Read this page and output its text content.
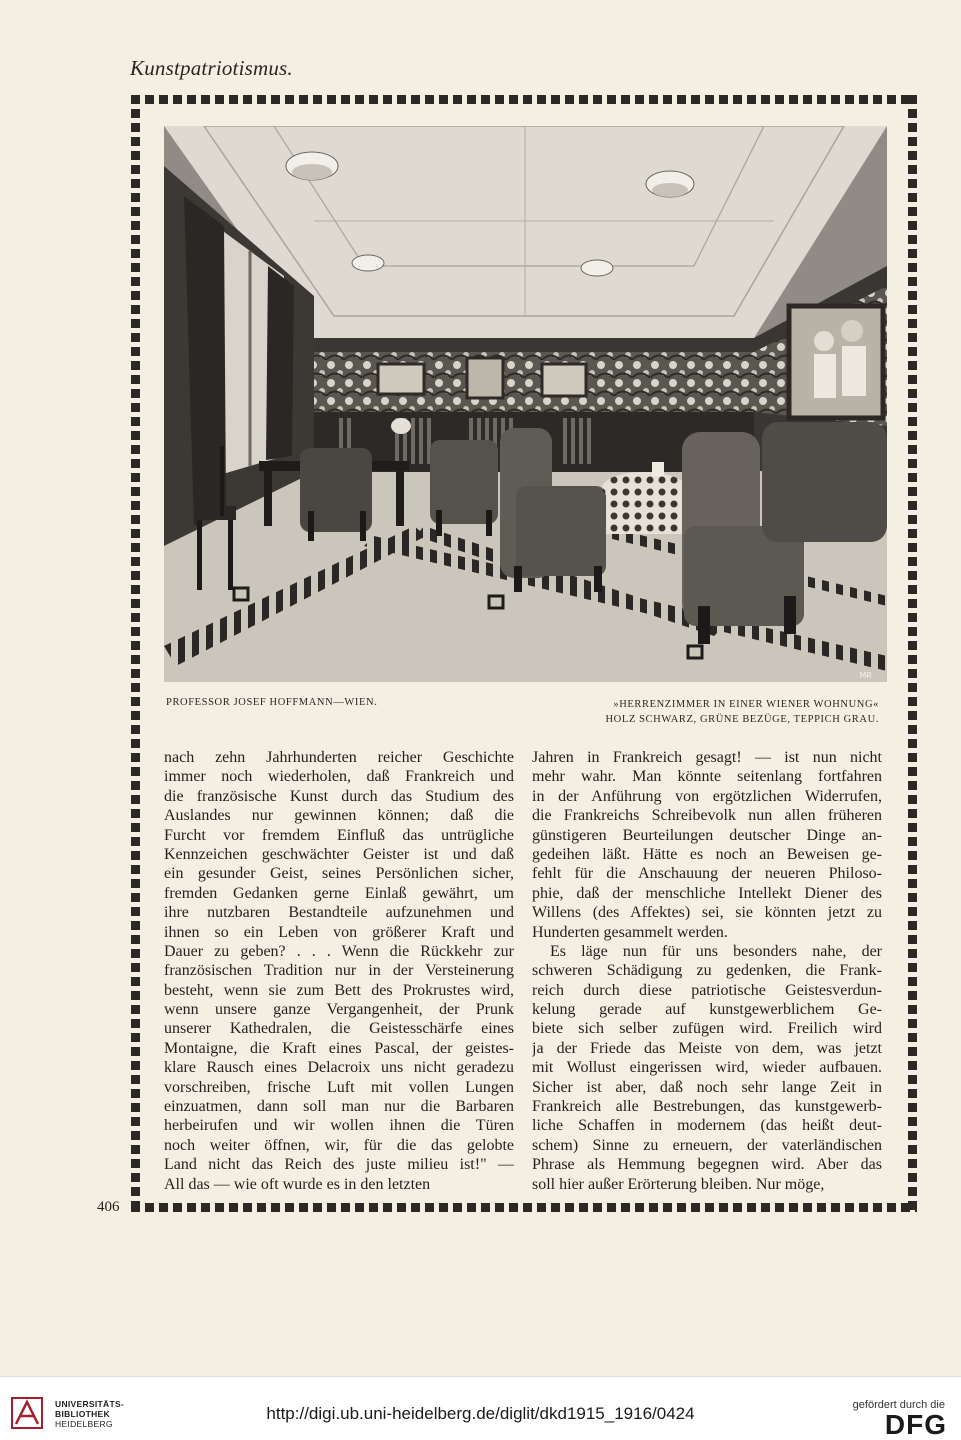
Kunstpatriotismus.
MR
PROFESSOR JOSEF HOFFMANN—WIEN.	»HERRENZIMMER IN EINER WIENER WOHNUNG«
HOLZ SCHWARZ, GRÜNE BEZÜGE, TEPPICH GRAU.
nach zehn Jahrhunderten reicher Geschichte
immer noch wiederholen, daß Frankreich und
die französische Kunst durch das Studium des
Auslandes nur gewinnen können; daß die
Furcht vor fremdem Einfluß das untrügliche
Kennzeichen geschwächter Geister ist und daß
ein gesunder Geist, seines Persönlichen sicher,
fremden Gedanken gerne Einlaß gewährt, um
ihre nutzbaren Bestandteile aufzunehmen und
ihnen so ein Leben von größerer Kraft und
Dauer zu geben? . . . Wenn die Rückkehr zur
französischen Tradition nur in der Versteinerung
besteht, wenn sie zum Bett des Prokrustes wird,
wenn unsere ganze Vergangenheit, der Prunk
unserer Kathedralen, die Geistesschärfe eines
Montaigne, die Kraft eines Pascal, der geistes-
klare Rausch eines Delacroix uns nicht geradezu
vorschreiben, frische Luft mit vollen Lungen
einzuatmen, dann soll man nur die Barbaren
herbeirufen und wir wollen ihnen die Türen
noch weiter öffnen, wir, für die das gelobte
Land nicht das Reich des juste milieu ist!" —
All das — wie oft wurde es in den letzten
Jahren in Frankreich gesagt! — ist nun nicht
mehr wahr. Man könnte seitenlang fortfahren
in der Anführung von ergötzlichen Widerrufen,
die Frankreichs Schreibevolk nun allen früheren
günstigeren Beurteilungen deutscher Dinge an-
gedeihen läßt. Hätte es noch an Beweisen ge-
fehlt für die Anschauung der neueren Philoso-
phie, daß der menschliche Intellekt Diener des
Willens (des Affektes) sei, sie könnten jetzt zu
Hunderten gesammelt werden.
Es läge nun für uns besonders nahe, der
schweren Schädigung zu gedenken, die Frank-
reich durch diese patriotische Geistesverdun-
kelung gerade auf kunstgewerblichem Ge-
biete sich selber zufügen wird. Freilich wird
ja der Friede das Meiste von dem, was jetzt
mit Wollust eingerissen wird, wieder aufbauen.
Sicher ist aber, daß noch sehr lange Zeit in
Frankreich alle Bestrebungen, das kunstgewerb-
liche Schaffen in modernem (das heißt deut-
schem) Sinne zu erneuern, der vaterländischen
Phrase als Hemmung begegnen wird. Aber das
soll hier außer Erörterung bleiben. Nur möge,
406
UNIVERSITÄTS-
BIBLIOTHEK
HEIDELBERG
http://digi.ub.uni-heidelberg.de/diglit/dkd1915_1916/0424	gefördert durch die
DFG
